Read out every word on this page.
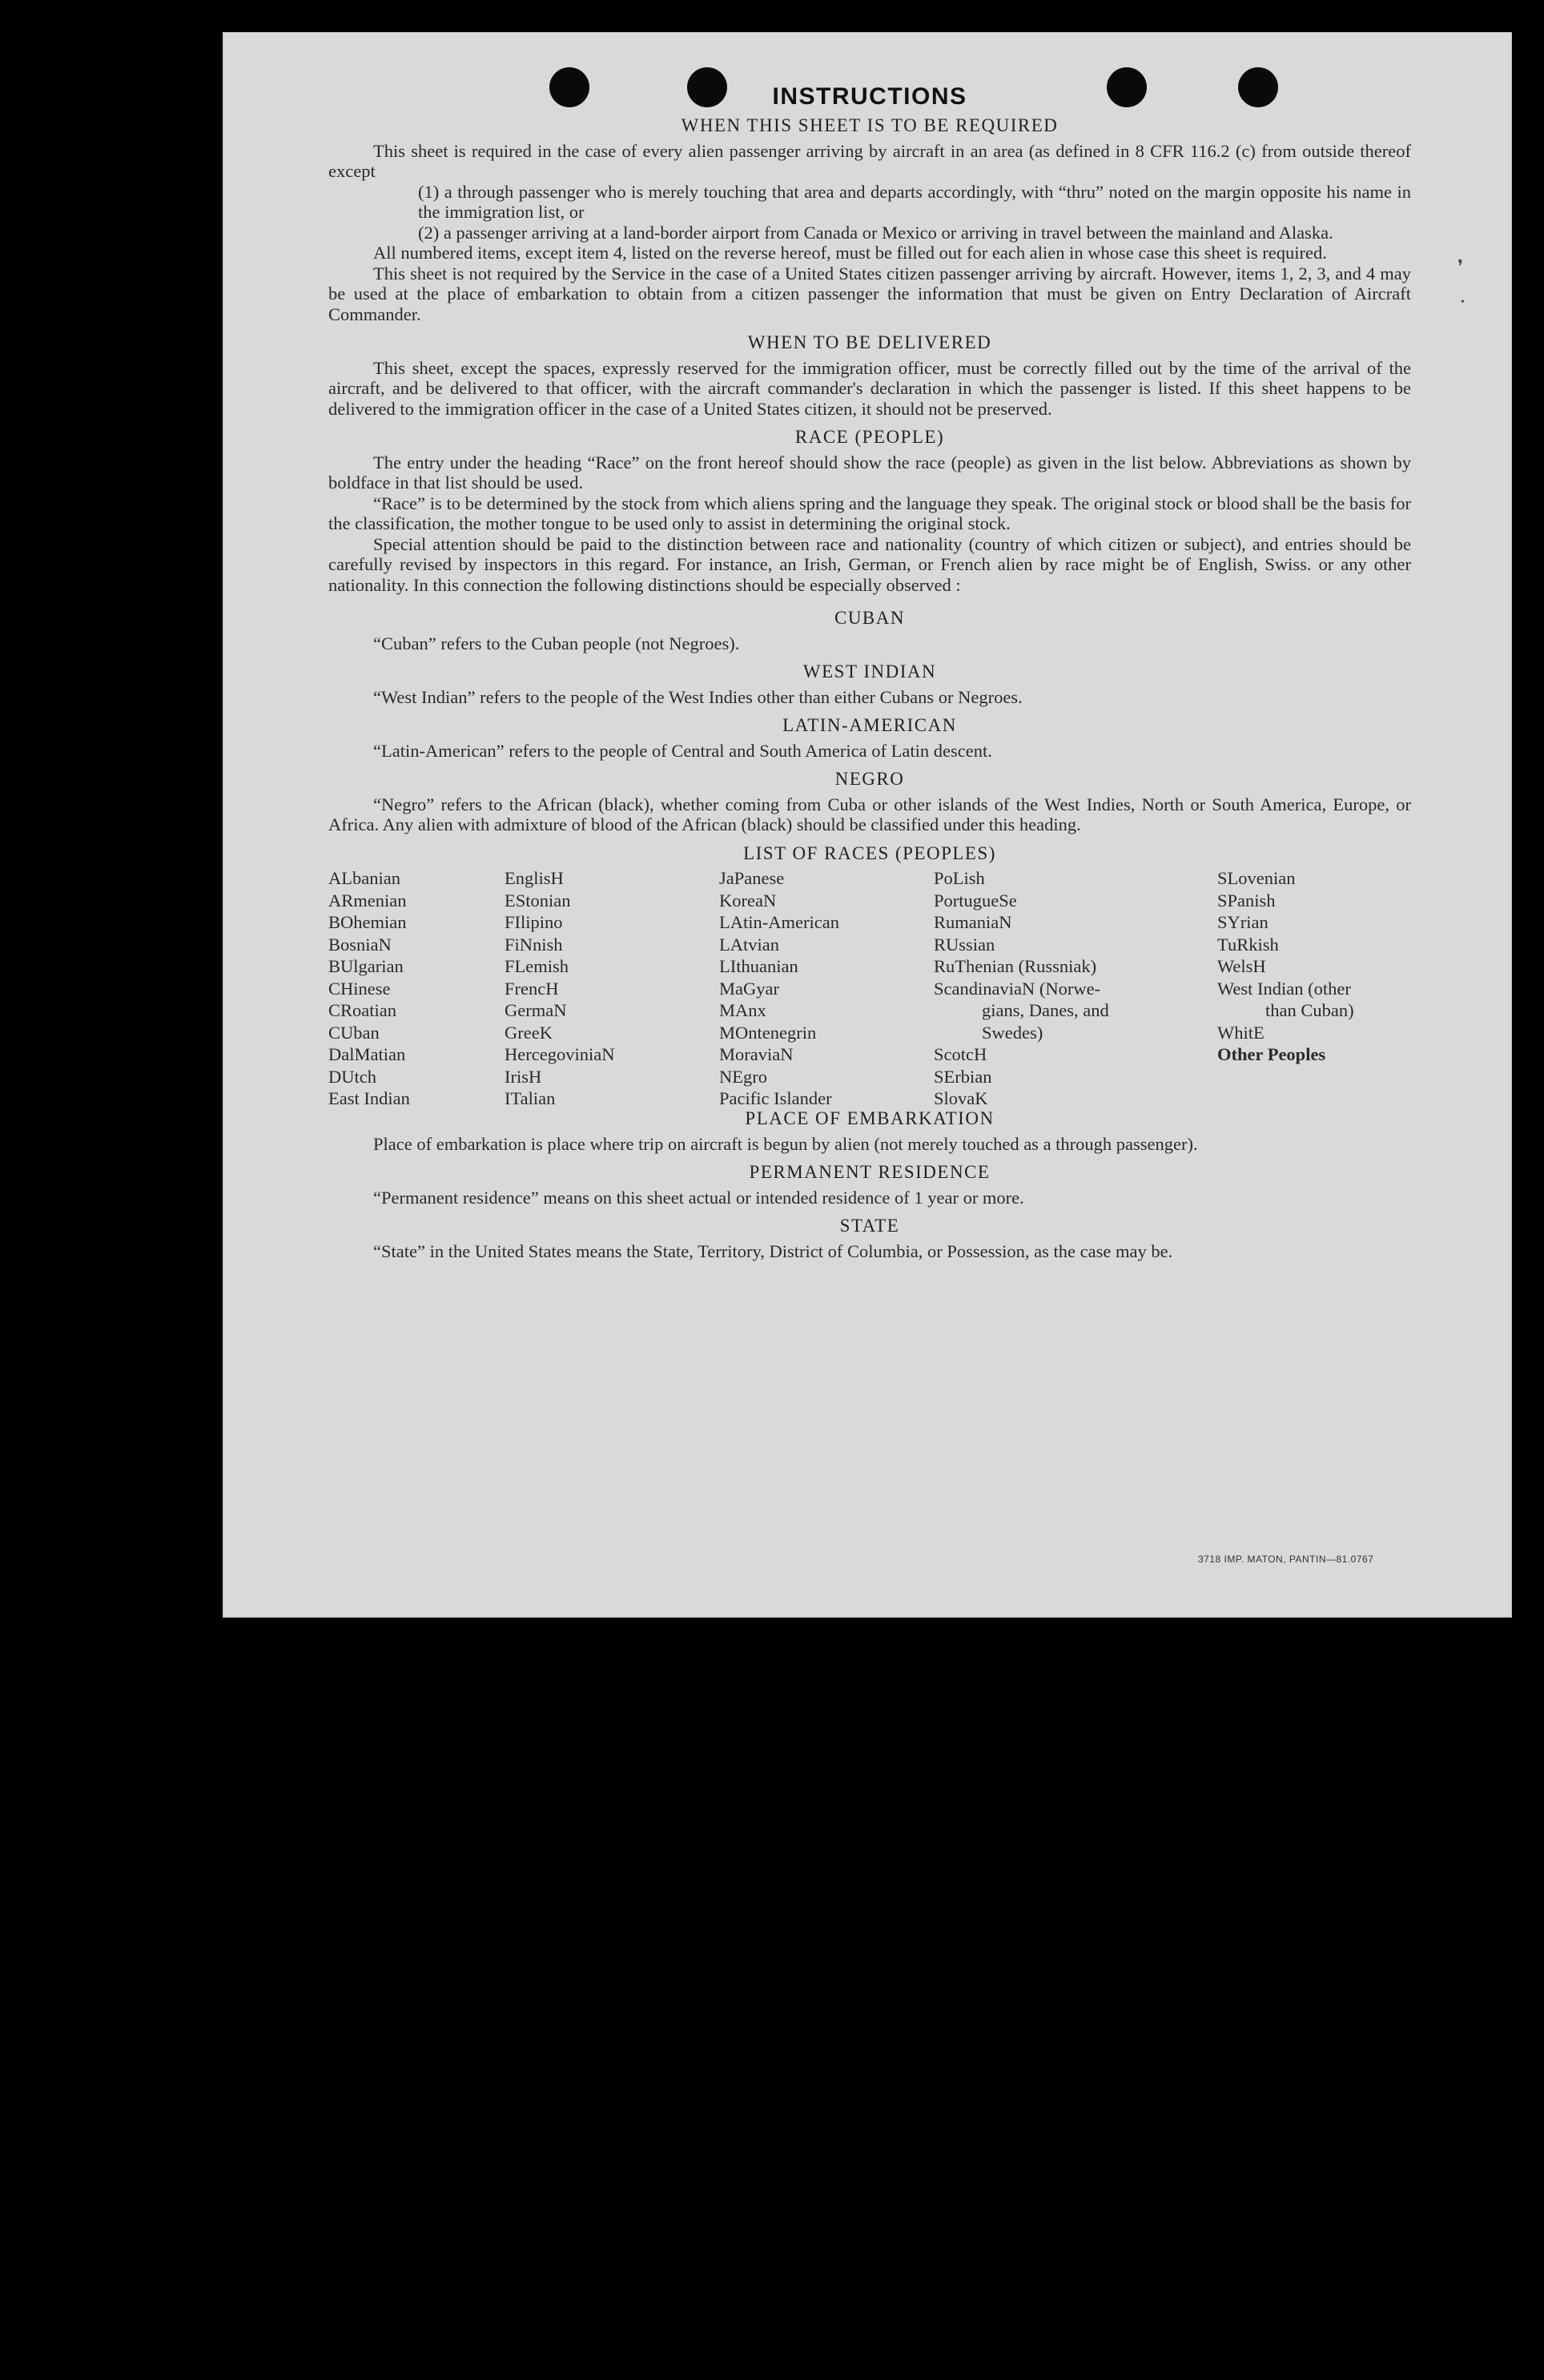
❜
•
INSTRUCTIONS
WHEN THIS SHEET IS TO BE REQUIRED

This sheet is required in the case of every alien passenger arriving by aircraft in an area (as defined in 8 CFR 116.2 (c) from outside thereof except

(1) a through passenger who is merely touching that area and departs accordingly, with “thru” noted on the margin opposite his name in the immigration list, or

(2) a passenger arriving at a land-border airport from Canada or Mexico or arriving in travel between the mainland and Alaska.

All numbered items, except item 4, listed on the reverse hereof, must be filled out for each alien in whose case this sheet is required.

This sheet is not required by the Service in the case of a United States citizen passenger arriving by aircraft. However, items 1, 2, 3, and 4 may be used at the place of embarkation to obtain from a citizen passenger the information that must be given on Entry Declaration of Aircraft Commander.

WHEN TO BE DELIVERED

This sheet, except the spaces, expressly reserved for the immigration officer, must be correctly filled out by the time of the arrival of the aircraft, and be delivered to that officer, with the aircraft commander's declaration in which the passenger is listed. If this sheet happens to be delivered to the immigration officer in the case of a United States citizen, it should not be preserved.

RACE (PEOPLE)

The entry under the heading “Race” on the front hereof should show the race (people) as given in the list below. Abbreviations as shown by boldface in that list should be used.

“Race” is to be determined by the stock from which aliens spring and the language they speak. The original stock or blood shall be the basis for the classification, the mother tongue to be used only to assist in determining the original stock.

Special attention should be paid to the distinction between race and nationality (country of which citizen or subject), and entries should be carefully revised by inspectors in this regard. For instance, an Irish, German, or French alien by race might be of English, Swiss. or any other nationality. In this connection the following distinctions should be especially observed :

CUBAN

“Cuban” refers to the Cuban people (not Negroes).

WEST INDIAN

“West Indian” refers to the people of the West Indies other than either Cubans or Negroes.

LATIN-AMERICAN

“Latin-American” refers to the people of Central and South America of Latin descent.

NEGRO

“Negro” refers to the African (black), whether coming from Cuba or other islands of the West Indies, North or South America, Europe, or Africa. Any alien with admixture of blood of the African (black) should be classified under this heading.

LIST OF RACES (PEOPLES)
ALbanian
ARmenian
BOhemian
BosniaN
BUlgarian
CHinese
CRoatian
CUban
DalMatian
DUtch
East Indian
EnglisH
EStonian
FIlipino
FiNnish
FLemish
FrencH
GermaN
GreeK
HercegoviniaN
IrisH
ITalian
JaPanese
KoreaN
LAtin-American
LAtvian
LIthuanian
MaGyar
MAnx
MOntenegrin
MoraviaN
NEgro
Pacific Islander
PoLish
PortugueSe
RumaniaN
RUssian
RuThenian (Russniak)
ScandinaviaN (Norwe-
gians, Danes, and
Swedes)
ScotcH
SErbian
SlovaK
SLovenian
SPanish
SYrian
TuRkish
WelsH
West Indian (other
than Cuban)
WhitE
Other Peoples
PLACE OF EMBARKATION

Place of embarkation is place where trip on aircraft is begun by alien (not merely touched as a through passenger).

PERMANENT RESIDENCE

“Permanent residence” means on this sheet actual or intended residence of 1 year or more.

STATE

“State” in the United States means the State, Territory, District of Columbia, or Possession, as the case may be.

3718 IMP. MATON, PANTIN—81.0767
